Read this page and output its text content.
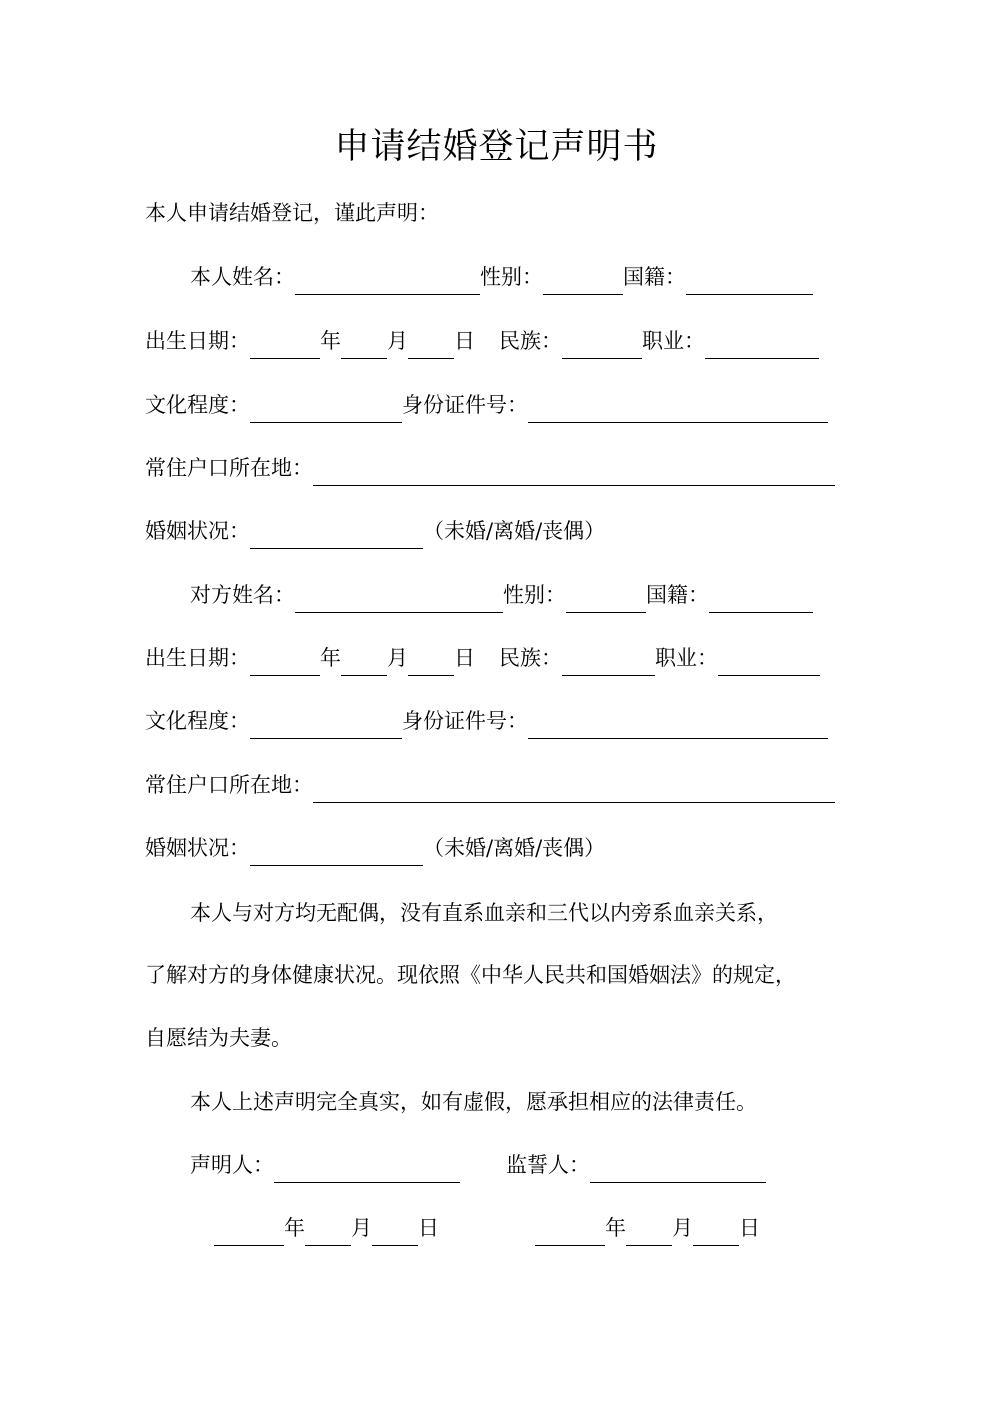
申请结婚登记声明书
本人申请结婚登记，谨此声明：
本人姓名：	性别：	国籍：
出生日期：	年 月 日 民族：	职业：
文化程度：	身份证件号：
常住户口所在地：
婚姻状况：	（未婚/离婚/丧偶）
对方姓名：	性别：	国籍：
出生日期：	年 月 日 民族：	职业：
文化程度：	身份证件号：
常住户口所在地：
婚姻状况：	（未婚/离婚/丧偶）
本人与对方均无配偶，没有直系血亲和三代以内旁系血亲关系，
了解对方的身体健康状况。现依照《中华人民共和国婚姻法》的规定，
自愿结为夫妻。
本人上述声明完全真实，如有虚假，愿承担相应的法律责任。
声明人：	监誓人：
年 月 日	年 月 日
